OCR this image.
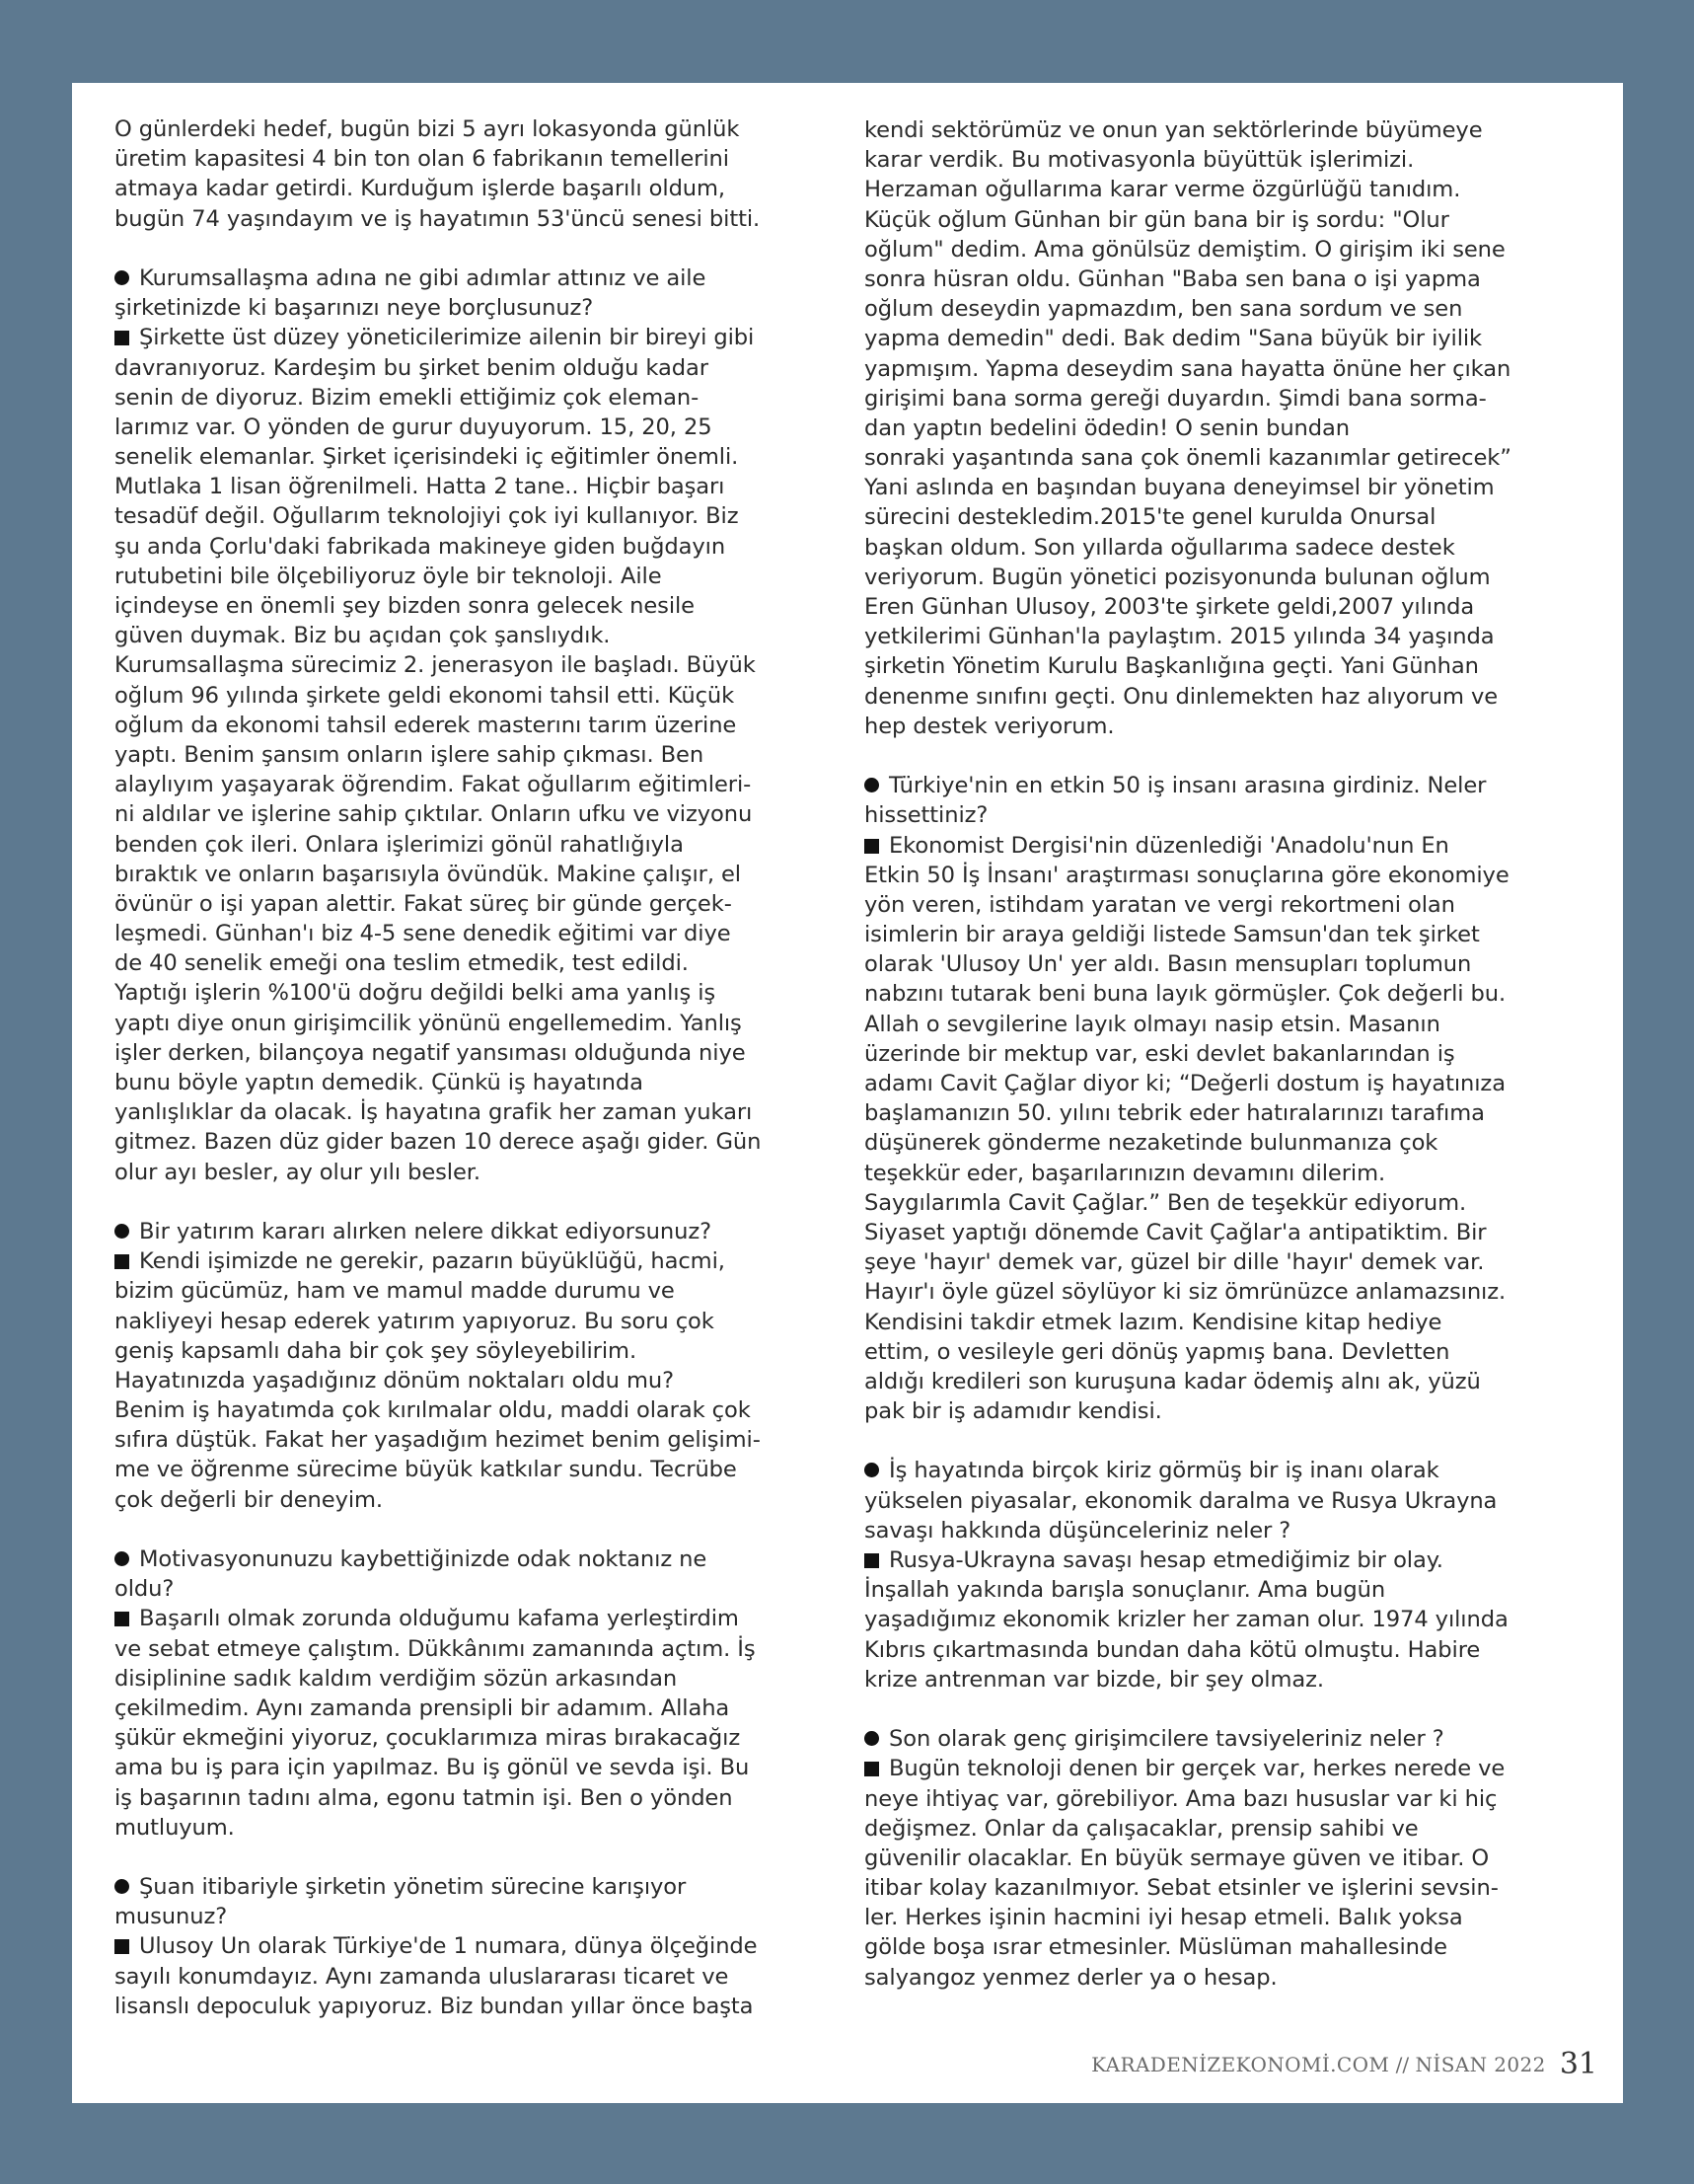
O günlerdeki hedef, bugün bizi 5 ayrı lokasyonda günlük
üretim kapasitesi 4 bin ton olan 6 fabrikanın temellerini
atmaya kadar getirdi. Kurduğum işlerde başarılı oldum,
bugün 74 yaşındayım ve iş hayatımın 53'üncü senesi bitti.
Kurumsallaşma adına ne gibi adımlar attınız ve aile
şirketinizde ki başarınızı neye borçlusunuz?
Şirkette üst düzey yöneticilerimize ailenin bir bireyi gibi
davranıyoruz. Kardeşim bu şirket benim olduğu kadar
senin de diyoruz. Bizim emekli ettiğimiz çok eleman-
larımız var. O yönden de gurur duyuyorum. 15, 20, 25
senelik elemanlar. Şirket içerisindeki iç eğitimler önemli.
Mutlaka 1 lisan öğrenilmeli. Hatta 2 tane.. Hiçbir başarı
tesadüf değil. Oğullarım teknolojiyi çok iyi kullanıyor. Biz
şu anda Çorlu'daki fabrikada makineye giden buğdayın
rutubetini bile ölçebiliyoruz öyle bir teknoloji. Aile
içindeyse en önemli şey bizden sonra gelecek nesile
güven duymak. Biz bu açıdan çok şanslıydık.
Kurumsallaşma sürecimiz 2. jenerasyon ile başladı. Büyük
oğlum 96 yılında şirkete geldi ekonomi tahsil etti. Küçük
oğlum da ekonomi tahsil ederek masterını tarım üzerine
yaptı. Benim şansım onların işlere sahip çıkması. Ben
alaylıyım yaşayarak öğrendim. Fakat oğullarım eğitimleri-
ni aldılar ve işlerine sahip çıktılar. Onların ufku ve vizyonu
benden çok ileri. Onlara işlerimizi gönül rahatlığıyla
bıraktık ve onların başarısıyla övündük. Makine çalışır, el
övünür o işi yapan alettir. Fakat süreç bir günde gerçek-
leşmedi. Günhan'ı biz 4-5 sene denedik eğitimi var diye
de 40 senelik emeği ona teslim etmedik, test edildi.
Yaptığı işlerin %100'ü doğru değildi belki ama yanlış iş
yaptı diye onun girişimcilik yönünü engellemedim. Yanlış
işler derken, bilançoya negatif yansıması olduğunda niye
bunu böyle yaptın demedik. Çünkü iş hayatında
yanlışlıklar da olacak. İş hayatına grafik her zaman yukarı
gitmez. Bazen düz gider bazen 10 derece aşağı gider. Gün
olur ayı besler, ay olur yılı besler.
Bir yatırım kararı alırken nelere dikkat ediyorsunuz?
Kendi işimizde ne gerekir, pazarın büyüklüğü, hacmi,
bizim gücümüz, ham ve mamul madde durumu ve
nakliyeyi hesap ederek yatırım yapıyoruz. Bu soru çok
geniş kapsamlı daha bir çok şey söyleyebilirim.
Hayatınızda yaşadığınız dönüm noktaları oldu mu?
Benim iş hayatımda çok kırılmalar oldu, maddi olarak çok
sıfıra düştük. Fakat her yaşadığım hezimet benim gelişimi-
me ve öğrenme sürecime büyük katkılar sundu. Tecrübe
çok değerli bir deneyim.
Motivasyonunuzu kaybettiğinizde odak noktanız ne
oldu?
Başarılı olmak zorunda olduğumu kafama yerleştirdim
ve sebat etmeye çalıştım. Dükkânımı zamanında açtım. İş
disiplinine sadık kaldım verdiğim sözün arkasından
çekilmedim. Aynı zamanda prensipli bir adamım. Allaha
şükür ekmeğini yiyoruz, çocuklarımıza miras bırakacağız
ama bu iş para için yapılmaz. Bu iş gönül ve sevda işi. Bu
iş başarının tadını alma, egonu tatmin işi. Ben o yönden
mutluyum.
Şuan itibariyle şirketin yönetim sürecine karışıyor
musunuz?
Ulusoy Un olarak Türkiye'de 1 numara, dünya ölçeğinde
sayılı konumdayız. Aynı zamanda uluslararası ticaret ve
lisanslı depoculuk yapıyoruz. Biz bundan yıllar önce başta
kendi sektörümüz ve onun yan sektörlerinde büyümeye
karar verdik. Bu motivasyonla büyüttük işlerimizi.
Herzaman oğullarıma karar verme özgürlüğü tanıdım.
Küçük oğlum Günhan bir gün bana bir iş sordu: "Olur
oğlum" dedim. Ama gönülsüz demiştim. O girişim iki sene
sonra hüsran oldu. Günhan "Baba sen bana o işi yapma
oğlum deseydin yapmazdım, ben sana sordum ve sen
yapma demedin" dedi. Bak dedim "Sana büyük bir iyilik
yapmışım. Yapma deseydim sana hayatta önüne her çıkan
girişimi bana sorma gereği duyardın. Şimdi bana sorma-
dan yaptın bedelini ödedin! O senin bundan
sonraki yaşantında sana çok önemli kazanımlar getirecek”
Yani aslında en başından buyana deneyimsel bir yönetim
sürecini destekledim.2015'te genel kurulda Onursal
başkan oldum. Son yıllarda oğullarıma sadece destek
veriyorum. Bugün yönetici pozisyonunda bulunan oğlum
Eren Günhan Ulusoy, 2003'te şirkete geldi,2007 yılında
yetkilerimi Günhan'la paylaştım. 2015 yılında 34 yaşında
şirketin Yönetim Kurulu Başkanlığına geçti. Yani Günhan
denenme sınıfını geçti. Onu dinlemekten haz alıyorum ve
hep destek veriyorum.
Türkiye'nin en etkin 50 iş insanı arasına girdiniz. Neler
hissettiniz?
Ekonomist Dergisi'nin düzenlediği 'Anadolu'nun En
Etkin 50 İş İnsanı' araştırması sonuçlarına göre ekonomiye
yön veren, istihdam yaratan ve vergi rekortmeni olan
isimlerin bir araya geldiği listede Samsun'dan tek şirket
olarak 'Ulusoy Un' yer aldı. Basın mensupları toplumun
nabzını tutarak beni buna layık görmüşler. Çok değerli bu.
Allah o sevgilerine layık olmayı nasip etsin. Masanın
üzerinde bir mektup var, eski devlet bakanlarından iş
adamı Cavit Çağlar diyor ki; “Değerli dostum iş hayatınıza
başlamanızın 50. yılını tebrik eder hatıralarınızı tarafıma
düşünerek gönderme nezaketinde bulunmanıza çok
teşekkür eder, başarılarınızın devamını dilerim.
Saygılarımla Cavit Çağlar.” Ben de teşekkür ediyorum.
Siyaset yaptığı dönemde Cavit Çağlar'a antipatiktim. Bir
şeye 'hayır' demek var, güzel bir dille 'hayır' demek var.
Hayır'ı öyle güzel söylüyor ki siz ömrünüzce anlamazsınız.
Kendisini takdir etmek lazım. Kendisine kitap hediye
ettim, o vesileyle geri dönüş yapmış bana. Devletten
aldığı kredileri son kuruşuna kadar ödemiş alnı ak, yüzü
pak bir iş adamıdır kendisi.
İş hayatında birçok kiriz görmüş bir iş inanı olarak
yükselen piyasalar, ekonomik daralma ve Rusya Ukrayna
savaşı hakkında düşünceleriniz neler ?
Rusya-Ukrayna savaşı hesap etmediğimiz bir olay.
İnşallah yakında barışla sonuçlanır. Ama bugün
yaşadığımız ekonomik krizler her zaman olur. 1974 yılında
Kıbrıs çıkartmasında bundan daha kötü olmuştu. Habire
krize antrenman var bizde, bir şey olmaz.
Son olarak genç girişimcilere tavsiyeleriniz neler ?
Bugün teknoloji denen bir gerçek var, herkes nerede ve
neye ihtiyaç var, görebiliyor. Ama bazı hususlar var ki hiç
değişmez. Onlar da çalışacaklar, prensip sahibi ve
güvenilir olacaklar. En büyük sermaye güven ve itibar. O
itibar kolay kazanılmıyor. Sebat etsinler ve işlerini sevsin-
ler. Herkes işinin hacmini iyi hesap etmeli. Balık yoksa
gölde boşa ısrar etmesinler. Müslüman mahallesinde
salyangoz yenmez derler ya o hesap.
KARADENİZEKONOMİ.COM // NİSAN 2022 31
